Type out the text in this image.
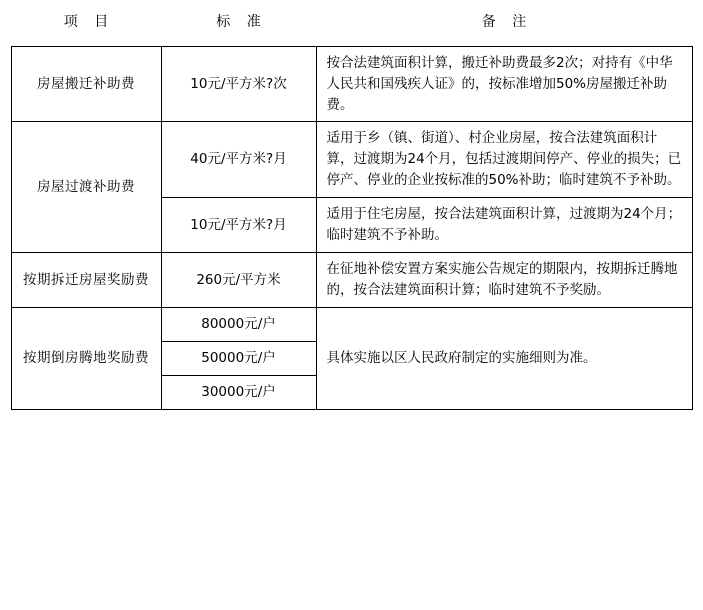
项 目	标 准	备 注
房屋搬迁补助费	10元/平方米?次	按合法建筑面积计算，搬迁补助费最多2次；对持有《中华人民共和国残疾人证》的，按标准增加50%房屋搬迁补助费。
房屋过渡补助费	40元/平方米?月	适用于乡（镇、街道）、村企业房屋，按合法建筑面积计算，过渡期为24个月，包括过渡期间停产、停业的损失；已停产、停业的企业按标准的50%补助；临时建筑不予补助。
	10元/平方米?月	适用于住宅房屋，按合法建筑面积计算，过渡期为24个月；临时建筑不予补助。
按期拆迁房屋奖励费	260元/平方米	在征地补偿安置方案实施公告规定的期限内，按期拆迁腾地的，按合法建筑面积计算；临时建筑不予奖励。
按期倒房腾地奖励费	80000元/户	具体实施以区人民政府制定的实施细则为准。
	50000元/户	
	30000元/户	
